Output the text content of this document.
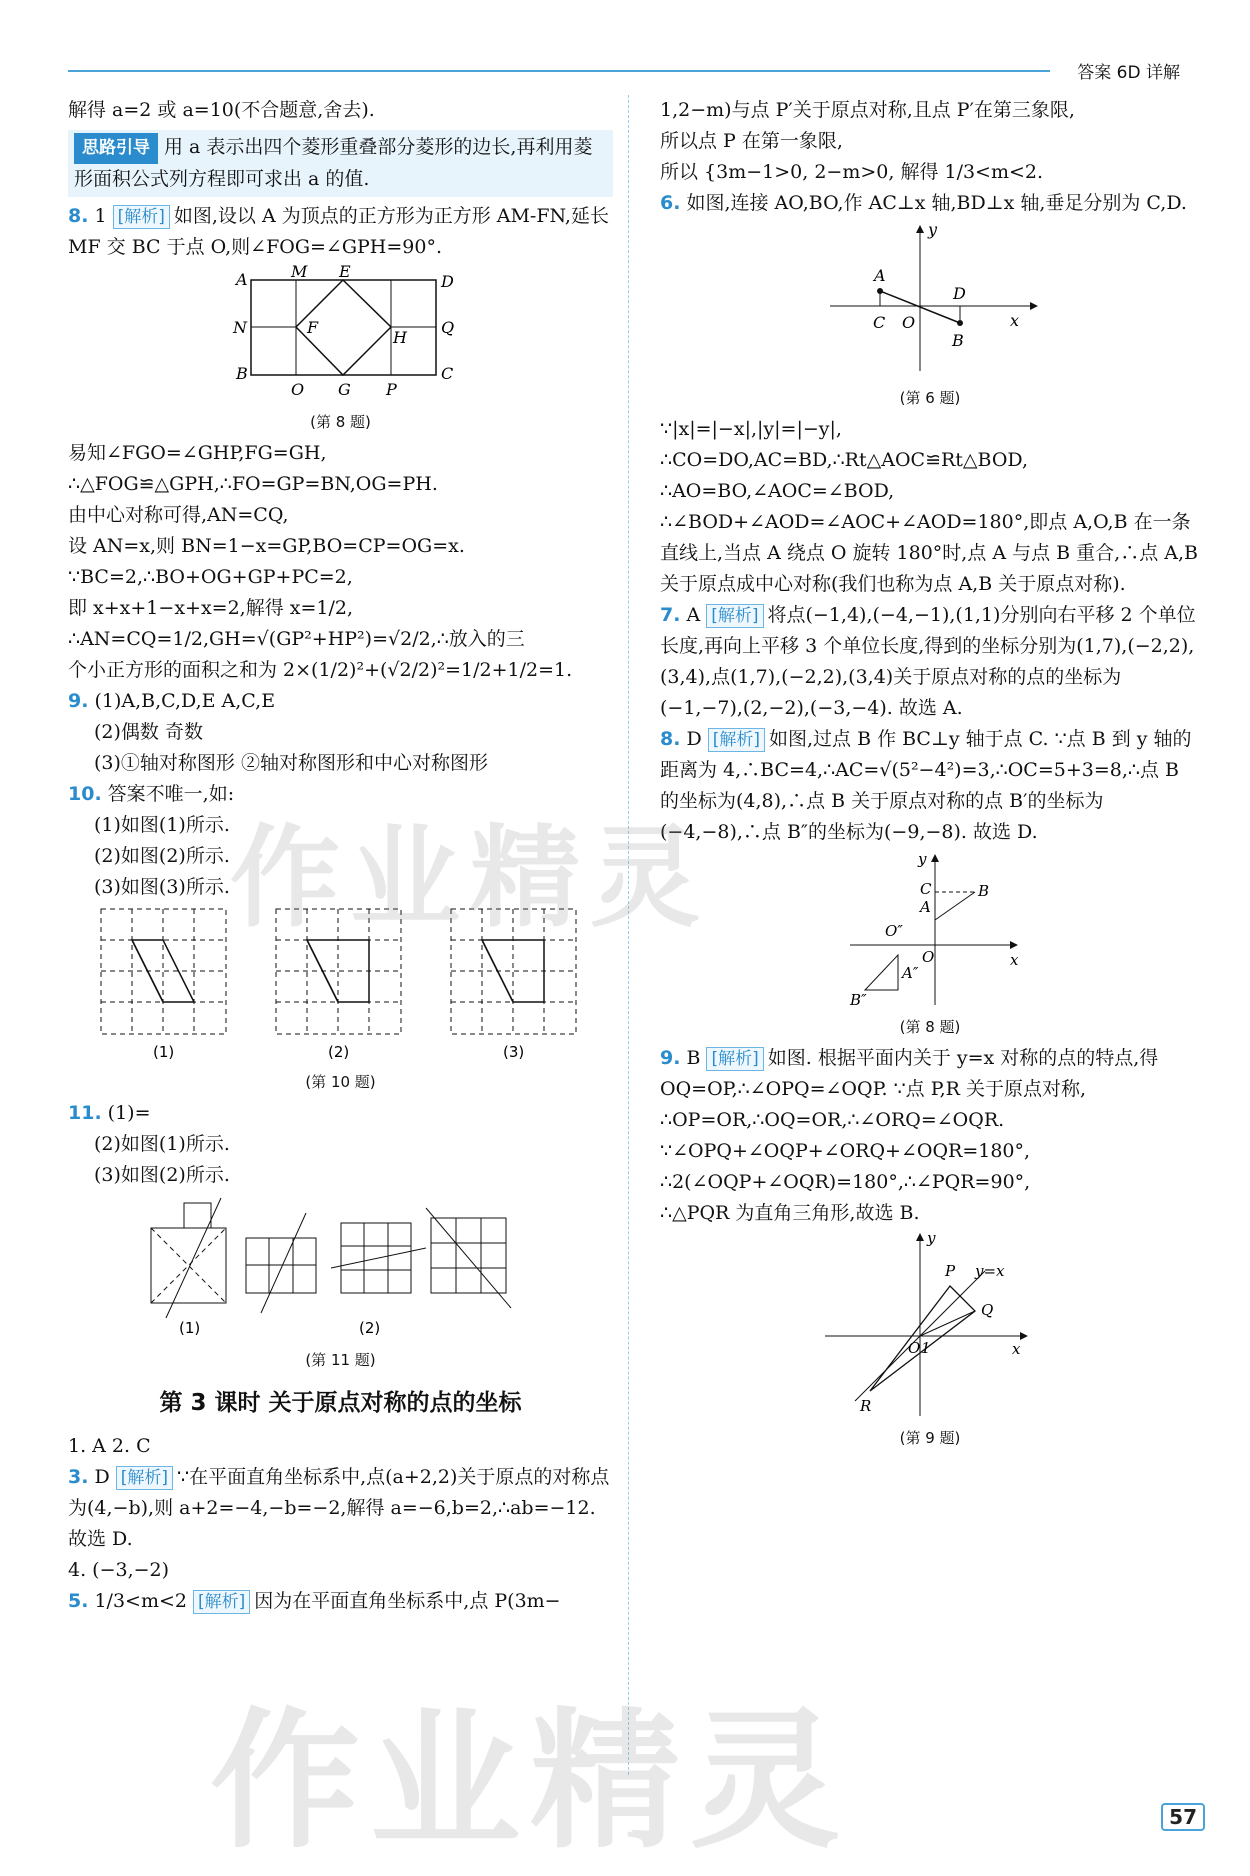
答案 6D 详解
解得 a=2 或 a=10(不合题意,舍去).
思路引导 用 a 表示出四个菱形重叠部分菱形的边长,再利用菱形面积公式列方程即可求出 a 的值.
8. 1 [解析] 如图,设以 A 为顶点的正方形为正方形 AM-FN,延长 MF 交 BC 于点 O,则∠FOG=∠GPH=90°.
A	M E
D
N	F
H
Q
B
O G P
C
(第 8 题)
易知∠FGO=∠GHP,FG=GH,
∴△FOG≌△GPH,∴FO=GP=BN,OG=PH.
由中心对称可得,AN=CQ,
设 AN=x,则 BN=1−x=GP,BO=CP=OG=x.
∵BC=2,∴BO+OG+GP+PC=2,
即 x+x+1−x+x=2,解得 x=1/2,
∴AN=CQ=1/2,GH=√(GP²+HP²)=√2/2,∴放入的三
个小正方形的面积之和为 2×(1/2)²+(√2/2)²=1/2+1/2=1.
9. (1)A,B,C,D,E A,C,E
(2)偶数 奇数
(3)①轴对称图形 ②轴对称图形和中心对称图形
10. 答案不唯一,如:
(1)如图(1)所示.
(2)如图(2)所示.
(3)如图(3)所示.
(1)	(2)	(3)
(第 10 题)
11. (1)=
(2)如图(1)所示.
(3)如图(2)所示.
(1)	(2)
(第 11 题)
第 3 课时 关于原点对称的点的坐标
1. A 2. C
3. D [解析] ∵在平面直角坐标系中,点(a+2,2)关于原点的对称点为(4,−b),则 a+2=−4,−b=−2,解得 a=−6,b=2,∴ab=−12. 故选 D.
4. (−3,−2)
5. 1/3<m<2 [解析] 因为在平面直角坐标系中,点 P(3m−
1,2−m)与点 P′关于原点对称,且点 P′在第三象限,
所以点 P 在第一象限,
所以 {3m−1>0, 2−m>0, 解得 1/3<m<2.
6. 如图,连接 AO,BO,作 AC⊥x 轴,BD⊥x 轴,垂足分别为 C,D.
y
A
D
C O	x
B
(第 6 题)
∵|x|=|−x|,|y|=|−y|,
∴CO=DO,AC=BD,∴Rt△AOC≌Rt△BOD,
∴AO=BO,∠AOC=∠BOD,
∴∠BOD+∠AOD=∠AOC+∠AOD=180°,即点 A,O,B 在一条直线上,当点 A 绕点 O 旋转 180°时,点 A 与点 B 重合,∴点 A,B 关于原点成中心对称(我们也称为点 A,B 关于原点对称).
7. A [解析] 将点(−1,4),(−4,−1),(1,1)分别向右平移 2 个单位长度,再向上平移 3 个单位长度,得到的坐标分别为(1,7),(−2,2),(3,4),点(1,7),(−2,2),(3,4)关于原点对称的点的坐标为(−1,−7),(2,−2),(−3,−4). 故选 A.
8. D [解析] 如图,过点 B 作 BC⊥y 轴于点 C. ∵点 B 到 y 轴的距离为 4,∴BC=4,∴AC=√(5²−4²)=3,∴OC=5+3=8,∴点 B 的坐标为(4,8),∴点 B 关于原点对称的点 B′的坐标为(−4,−8),∴点 B″的坐标为(−9,−8). 故选 D.
y
C	B
A
O″
O	x
A″
B″
(第 8 题)
9. B [解析] 如图. 根据平面内关于 y=x 对称的点的特点,得 OQ=OP,∴∠OPQ=∠OQP. ∵点 P,R 关于原点对称,
∴OP=OR,∴OQ=OR,∴∠ORQ=∠OQR.
∵∠OPQ+∠OQP+∠ORQ+∠OQR=180°,
∴2(∠OQP+∠OQR)=180°,∴∠PQR=90°,
∴△PQR 为直角三角形,故选 B.
y
P y=x
Q
O 1	x
R
(第 9 题)
作业精灵
作业精灵	57
